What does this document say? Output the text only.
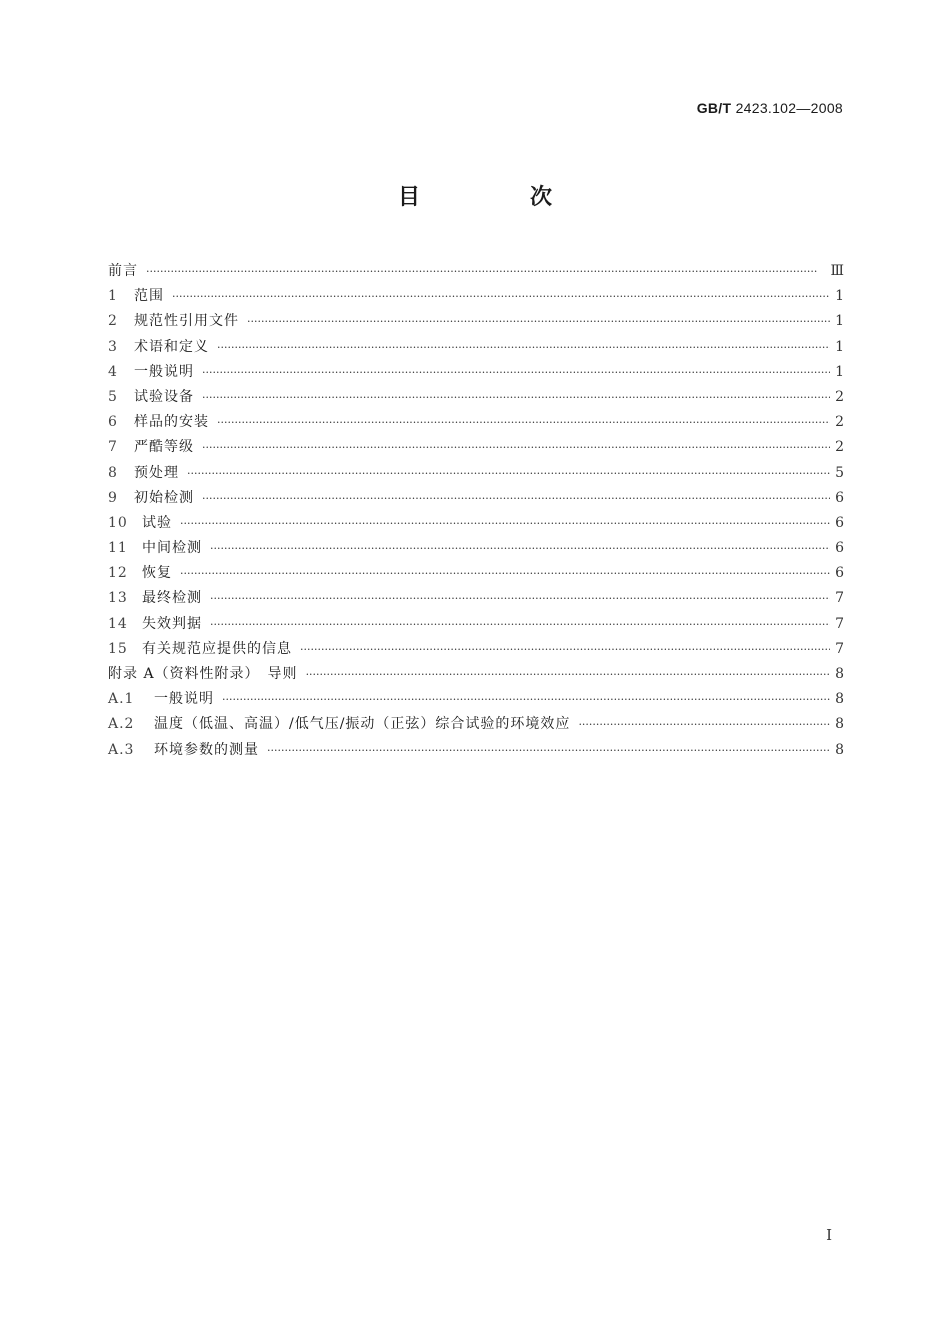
GB/T 2423.102—2008
目　次
前言 ·····	Ⅲ
1 范围 ·····	1
2 规范性引用文件 ·····	1
3 术语和定义 ·····	1
4 一般说明 ·····	1
5 试验设备 ·····	2
6 样品的安装 ·····	2
7 严酷等级 ·····	2
8 预处理 ·····	5
9 初始检测 ·····	6
10 试验 ·····	6
11 中间检测 ·····	6
12 恢复 ·····	6
13 最终检测 ·····	7
14 失效判据 ·····	7
15 有关规范应提供的信息 ·····	7
附录 A（资料性附录）　导则 ·····	8
A.1 一般说明 ·····	8
A.2 温度（低温、高温）/低气压/振动（正弦）综合试验的环境效应 ·····	8
A.3 环境参数的测量 ·····	8
I
